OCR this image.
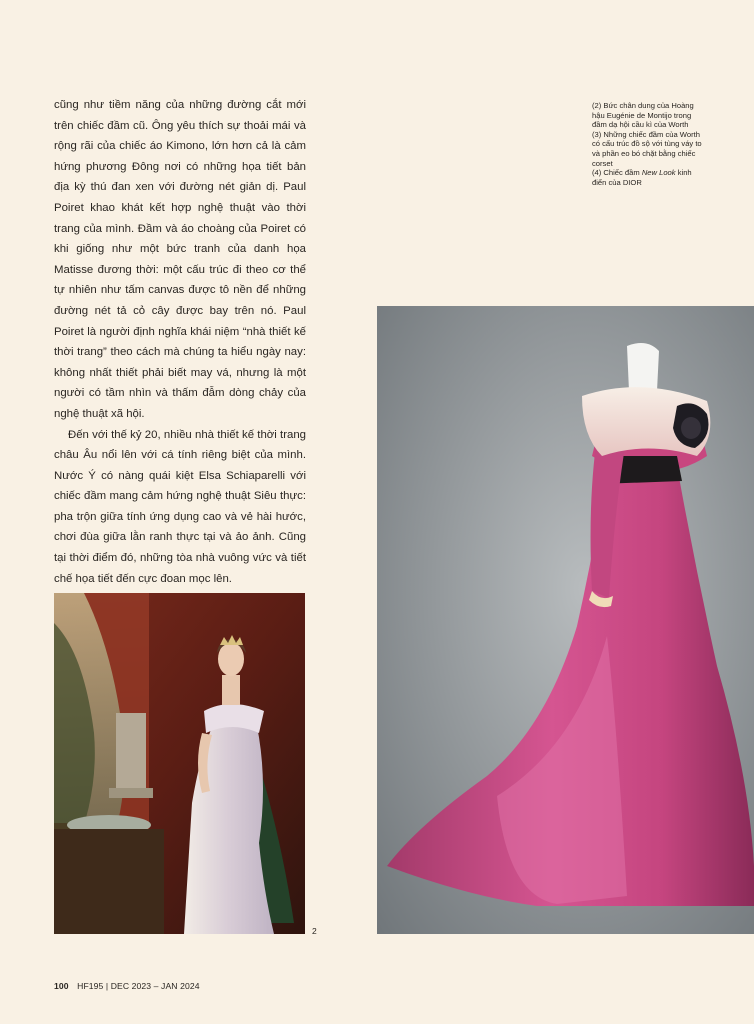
cũng như tiềm năng của những đường cắt mới trên chiếc đầm cũ. Ông yêu thích sự thoải mái và rộng rãi của chiếc áo Kimono, lớn hơn cả là cảm hứng phương Đông nơi có những họa tiết bản địa kỳ thú đan xen với đường nét giản dị. Paul Poiret khao khát kết hợp nghệ thuật vào thời trang của mình. Đầm và áo choàng của Poiret có khi giống như một bức tranh của danh họa Matisse đương thời: một cấu trúc đi theo cơ thể tự nhiên như tấm canvas được tô nền để những đường nét tả cỏ cây được bay trên nó. Paul Poiret là người định nghĩa khái niệm “nhà thiết kế thời trang” theo cách mà chúng ta hiểu ngày nay: không nhất thiết phải biết may vá, nhưng là một người có tầm nhìn và thấm đẫm dòng chảy của nghệ thuật xã hội.

Đến với thế kỷ 20, nhiều nhà thiết kế thời trang châu Âu nổi lên với cá tính riêng biệt của mình. Nước Ý có nàng quái kiệt Elsa Schiaparelli với chiếc đầm mang cảm hứng nghệ thuật Siêu thực: pha trộn giữa tính ứng dụng cao và vẻ hài hước, chơi đùa giữa lằn ranh thực tại và ảo ảnh. Cũng tại thời điểm đó, những tòa nhà vuông vức và tiết chế họa tiết đến cực đoan mọc lên.

(2) Bức chân dung của Hoàng hậu Eugénie de Montijo trong đầm dạ hội cầu kì của Worth

(3) Những chiếc đầm của Worth có cấu trúc đồ sộ với tùng váy to và phần eo bó chặt bằng chiếc corset

(4) Chiếc đầm New Look kinh điển của DIOR

2
100 HF195 | DEC 2023 – JAN 2024
